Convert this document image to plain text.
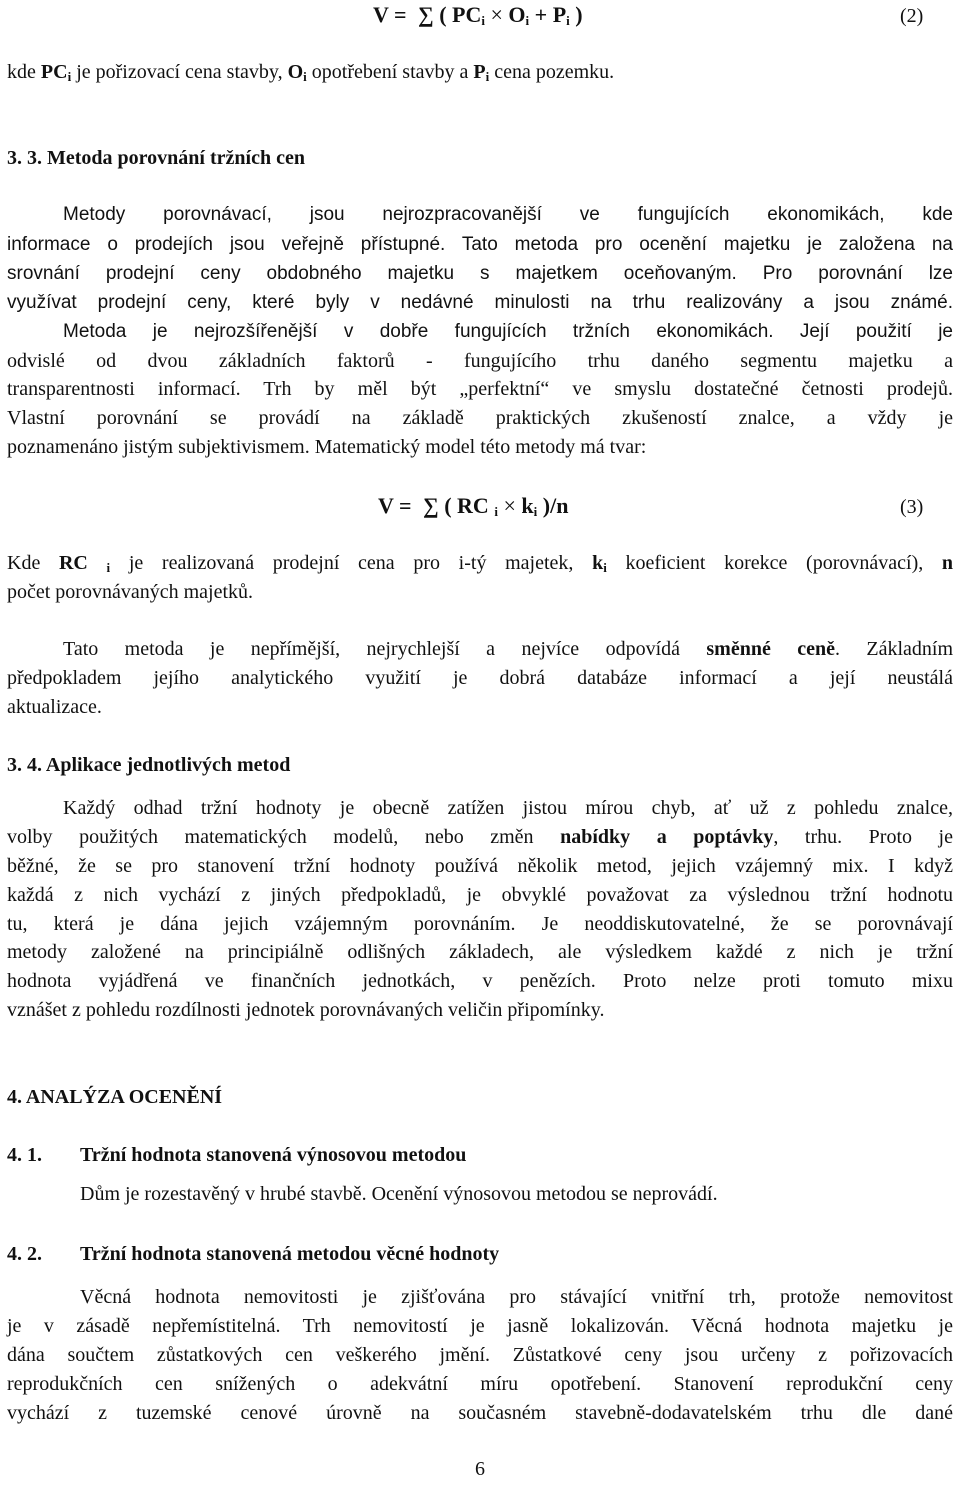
V = ∑ ( $PC_i \times O_i + P_i$ )	(2)
kde $PC_i$ je pořizovací cena stavby, $O_i$ opotřebení stavby a $P_i$ cena pozemku.
3. 3. Metoda porovnání tržních cen
Metody porovnávací, jsou nejrozpracovanější ve fungujících ekonomikách, kde
informace o prodejích jsou veřejně přístupné. Tato metoda pro ocenění majetku je založena na
srovnání prodejní ceny obdobného majetku s majetkem oceňovaným. Pro porovnání lze
využívat prodejní ceny, které byly v nedávné minulosti na trhu realizovány a jsou známé.
Metoda je nejrozšířenější v dobře fungujících tržních ekonomikách. Její použití je
odvislé od dvou základních faktorů - fungujícího trhu daného segmentu majetku a
transparentnosti informací. Trh by měl být „perfektní“ ve smyslu dostatečné četnosti prodejů.
Vlastní porovnání se provádí na základě praktických zkušeností znalce, a vždy je
poznamenáno jistým subjektivismem. Matematický model této metody má tvar:
V = ∑ ( RC $_i \times k_i$ )/n	(3)
Kde RC $_i$ je realizovaná prodejní cena pro i-tý majetek, $k_i$ koeficient korekce (porovnávací), n
počet porovnávaných majetků.
Tato metoda je nepřímější, nejrychlejší a nejvíce odpovídá směnné ceně. Základním
předpokladem jejího analytického využití je dobrá databáze informací a její neustálá
aktualizace.
3. 4. Aplikace jednotlivých metod
Každý odhad tržní hodnoty je obecně zatížen jistou mírou chyb, ať už z pohledu znalce,
volby použitých matematických modelů, nebo změn nabídky a poptávky, trhu. Proto je
běžné, že se pro stanovení tržní hodnoty používá několik metod, jejich vzájemný mix. I když
každá z nich vychází z jiných předpokladů, je obvyklé považovat za výslednou tržní hodnotu
tu, která je dána jejich vzájemným porovnáním. Je neoddiskutovatelné, že se porovnávají
metody založené na principiálně odlišných základech, ale výsledkem každé z nich je tržní
hodnota vyjádřená ve finančních jednotkách, v penězích. Proto nelze proti tomuto mixu
vznášet z pohledu rozdílnosti jednotek porovnávaných veličin připomínky.
4. ANALÝZA OCENĚNÍ
4. 1. Tržní hodnota stanovená výnosovou metodou
Dům je rozestavěný v hrubé stavbě. Ocenění výnosovou metodou se neprovádí.
4. 2. Tržní hodnota stanovená metodou věcné hodnoty
Věcná hodnota nemovitosti je zjišťována pro stávající vnitřní trh, protože nemovitost
je v zásadě nepřemístitelná. Trh nemovitostí je jasně lokalizován. Věcná hodnota majetku je
dána součtem zůstatkových cen veškerého jmění. Zůstatkové ceny jsou určeny z pořizovacích
reprodukčních cen snížených o adekvátní míru opotřebení. Stanovení reprodukční ceny
vychází z tuzemské cenové úrovně na současném stavebně-dodavatelském trhu dle dané
6
